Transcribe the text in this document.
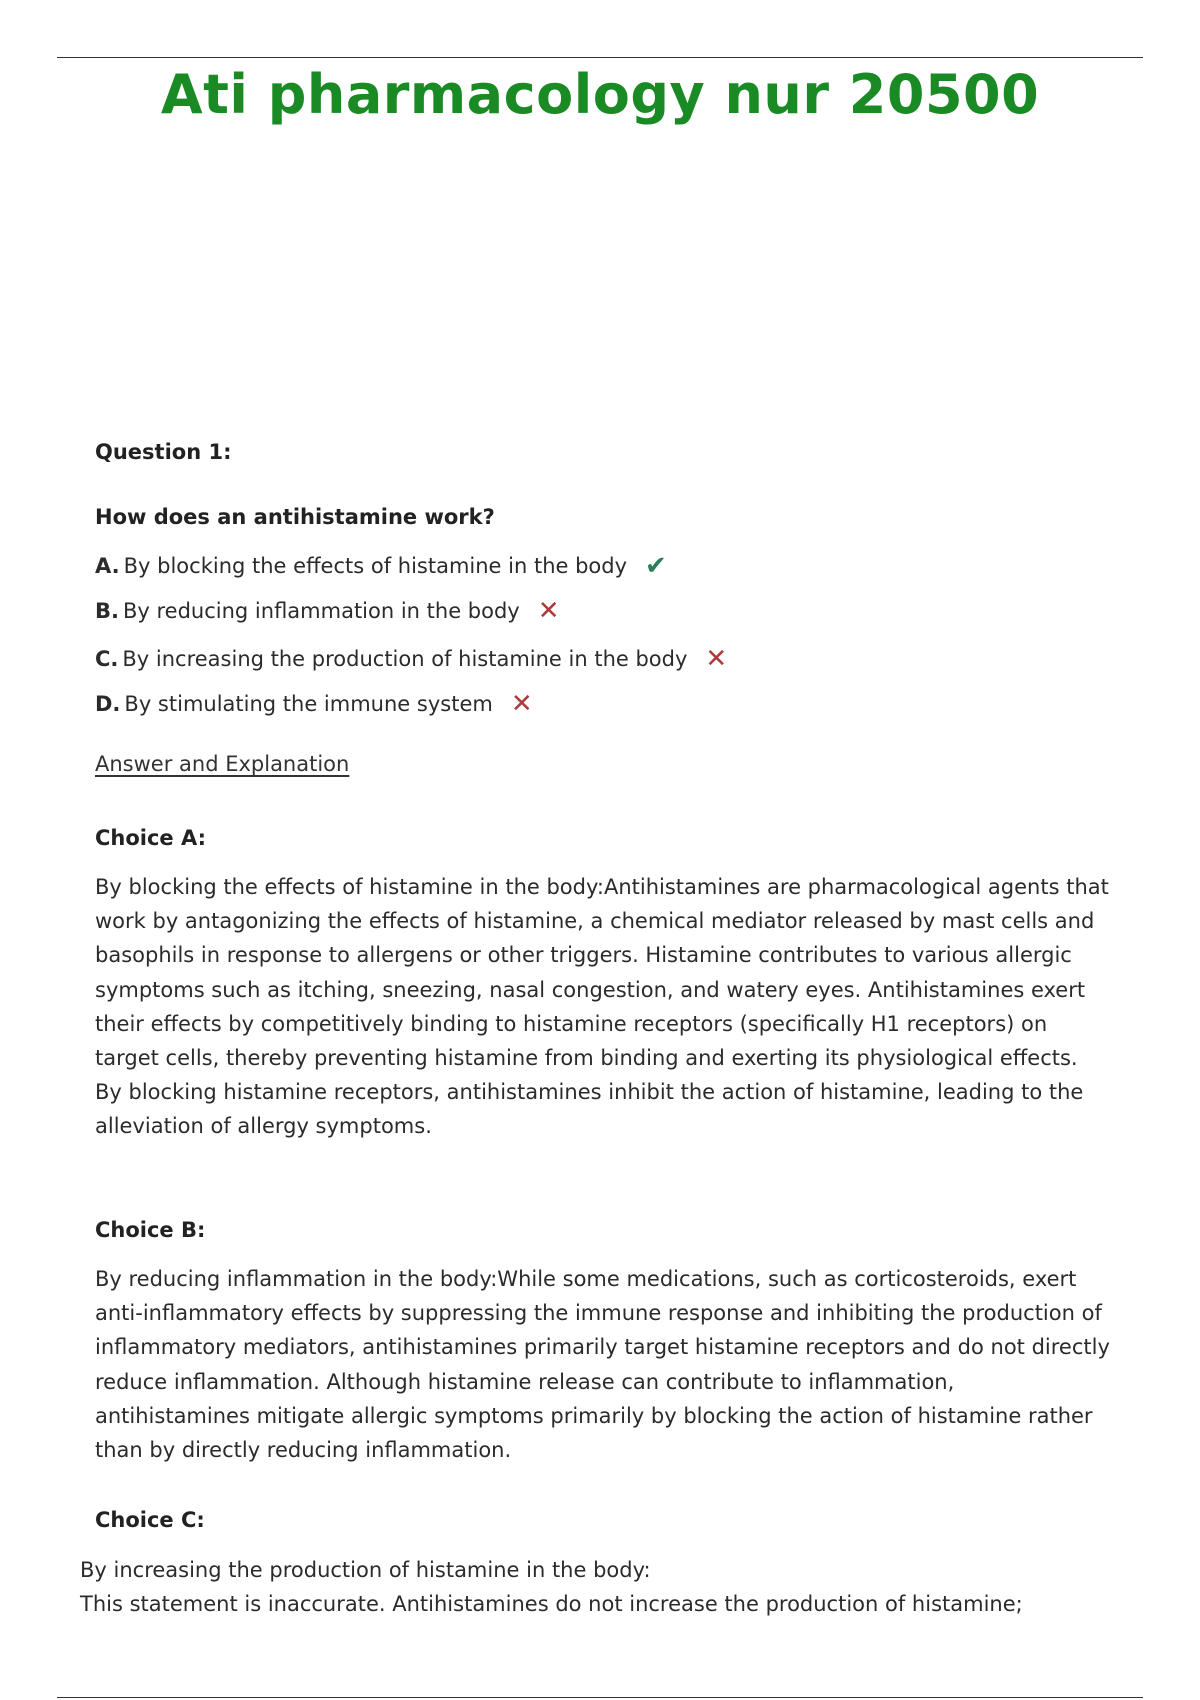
Ati pharmacology nur 20500
Question 1:
How does an antihistamine work?
A. By blocking the effects of histamine in the body ✔
B. By reducing inflammation in the body ✕
C. By increasing the production of histamine in the body ✕
D. By stimulating the immune system ✕
Answer and Explanation
Choice A:
By blocking the effects of histamine in the body:Antihistamines are pharmacological agents that work by antagonizing the effects of histamine, a chemical mediator released by mast cells and basophils in response to allergens or other triggers. Histamine contributes to various allergic symptoms such as itching, sneezing, nasal congestion, and watery eyes. Antihistamines exert their effects by competitively binding to histamine receptors (specifically H1 receptors) on target cells, thereby preventing histamine from binding and exerting its physiological effects. By blocking histamine receptors, antihistamines inhibit the action of histamine, leading to the alleviation of allergy symptoms.
Choice B:
By reducing inflammation in the body:While some medications, such as corticosteroids, exert anti-inflammatory effects by suppressing the immune response and inhibiting the production of inflammatory mediators, antihistamines primarily target histamine receptors and do not directly reduce inflammation. Although histamine release can contribute to inflammation, antihistamines mitigate allergic symptoms primarily by blocking the action of histamine rather than by directly reducing inflammation.
Choice C:
By increasing the production of histamine in the body:
This statement is inaccurate. Antihistamines do not increase the production of histamine;
